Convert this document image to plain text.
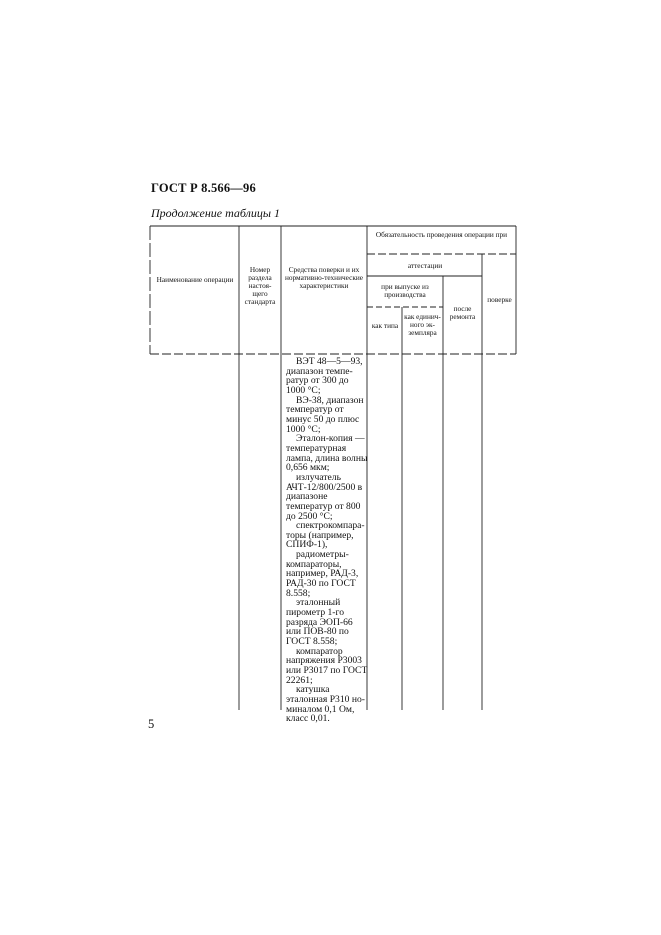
ГОСТ Р 8.566—96
Продолжение таблицы 1
Наименование операции
Номер раздела настоя-щего стандарта
Средства поверки и их нормативно-технические характеристики
Обязательность проведения операции при
аттестации
при выпуске из производства
как типа
как единич-ного эк-земпляра
после ремонта
поверке
ВЭТ 48—5—93, диапазон темпе-ратур от 300 до 1000 °С;
ВЭ-38, диапазон температур от минус 50 до плюс 1000 °С;
Эталон-копия — температурная лампа, длина волны 0,656 мкм;
излучатель АЧТ-12/800/2500 в диапазоне температур от 800 до 2500 °С;
спектрокомпара-торы (например, СПИФ-1),
радиометры-компараторы, например, РАД-3, РАД-30 по ГОСТ 8.558;
эталонный пирометр 1-го разряда ЭОП-66 или ПОВ-80 по ГОСТ 8.558;
компаратор напряжения Р3003 или Р3017 по ГОСТ 22261;
катушка эталонная Р310 но-миналом 0,1 Ом, класс 0,01.
5
